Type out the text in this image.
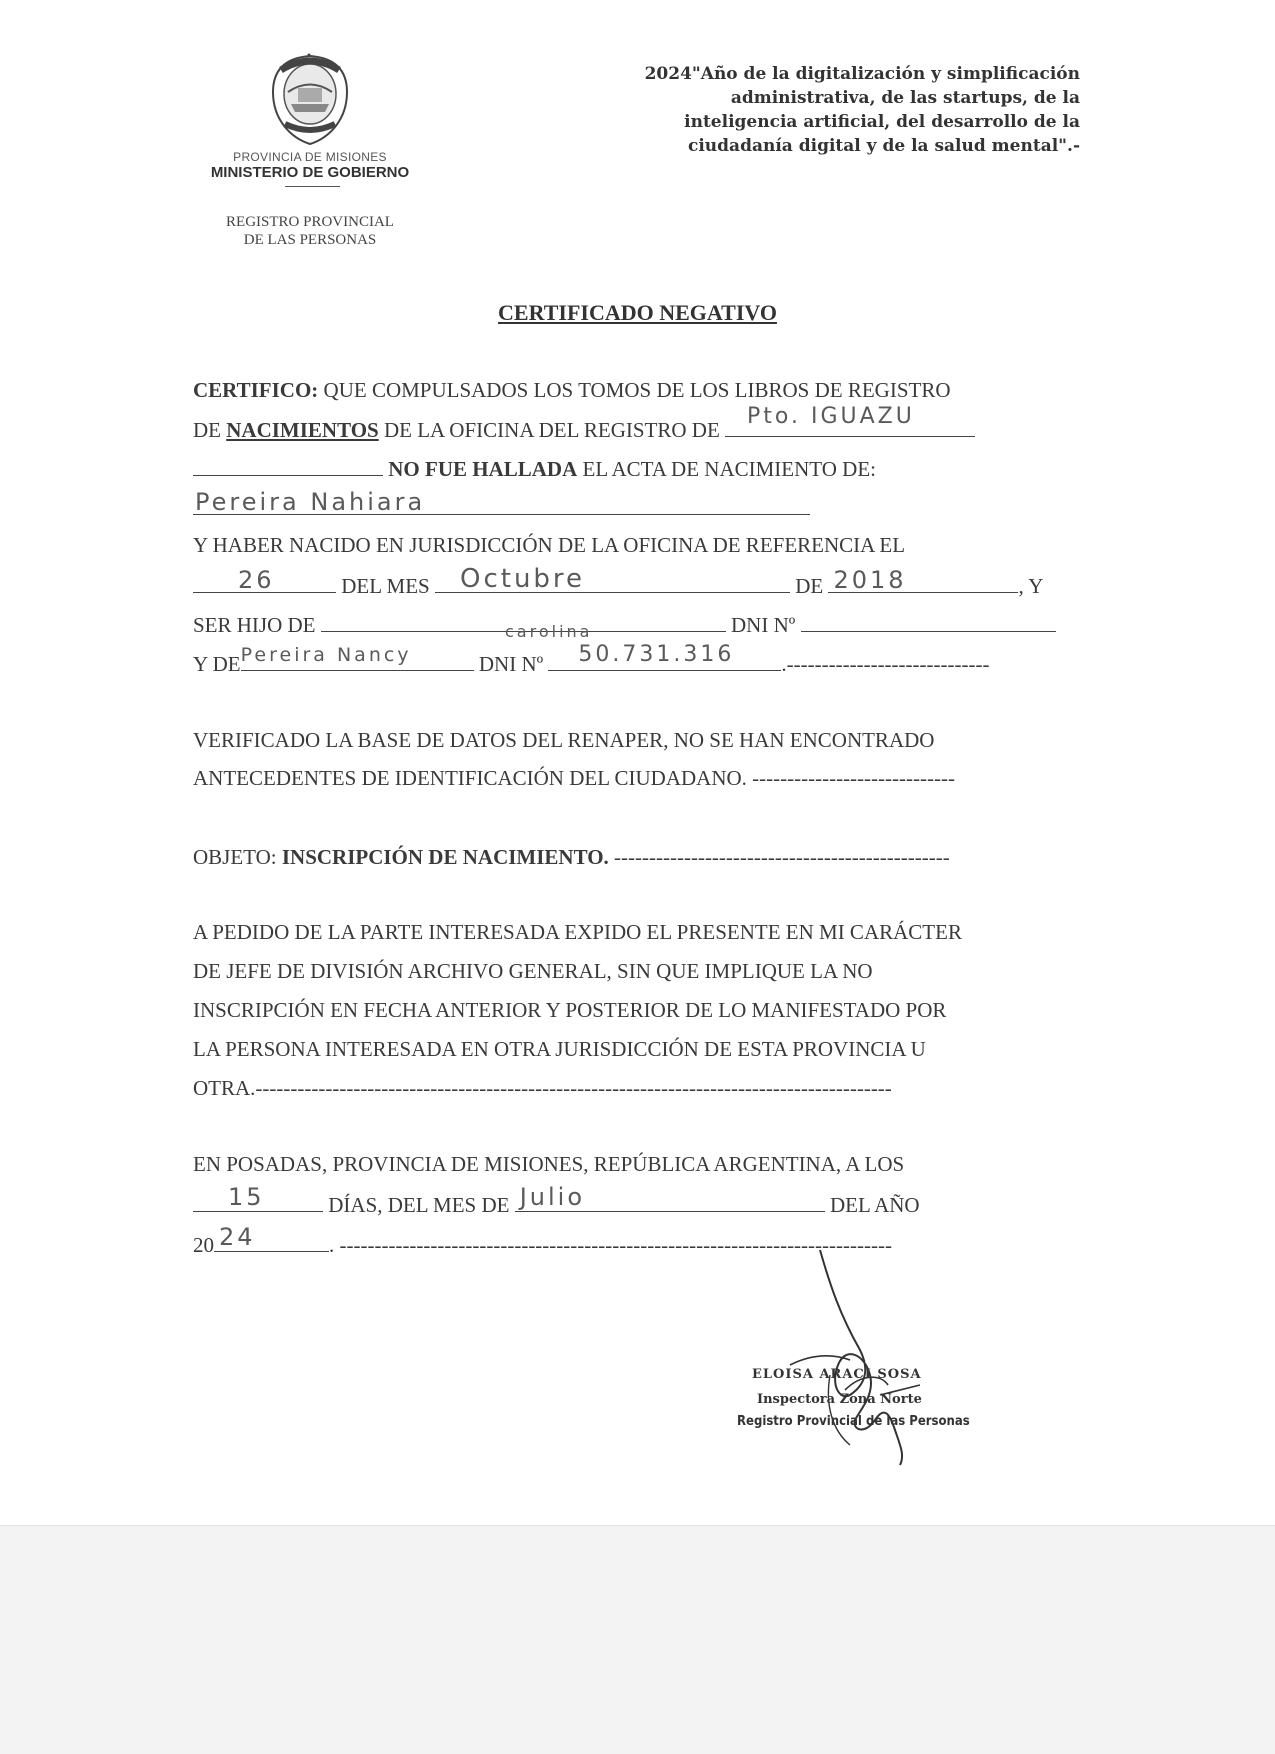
PROVINCIA DE MISIONES
MINISTERIO DE GOBIERNO
REGISTRO PROVINCIAL
DE LAS PERSONAS
2024"Año de la digitalización y simplificación
administrativa, de las startups, de la
inteligencia artificial, del desarrollo de la
ciudadanía digital y de la salud mental".-
CERTIFICADO NEGATIVO
CERTIFICO: QUE COMPULSADOS LOS TOMOS DE LOS LIBROS DE REGISTRO
DE NACIMIENTOS DE LA OFICINA DEL REGISTRO DE
Pto. IGUAZU
NO FUE HALLADA EL ACTA DE NACIMIENTO DE:
Pereira Nahiara
Y HABER NACIDO EN JURISDICCIÓN DE LA OFICINA DE REFERENCIA EL
26	DEL MES Octubre	DE 2018	, Y
SER HIJO DE	DNI Nº
carolina
Y DE Pereira Nancy	DNI Nº 50.731.316 .-----------------------------
VERIFICADO LA BASE DE DATOS DEL RENAPER, NO SE HAN ENCONTRADO
ANTECEDENTES DE IDENTIFICACIÓN DEL CIUDADANO. -----------------------------
OBJETO: INSCRIPCIÓN DE NACIMIENTO. ------------------------------------------------
A PEDIDO DE LA PARTE INTERESADA EXPIDO EL PRESENTE EN MI CARÁCTER
DE JEFE DE DIVISIÓN ARCHIVO GENERAL, SIN QUE IMPLIQUE LA NO
INSCRIPCIÓN EN FECHA ANTERIOR Y POSTERIOR DE LO MANIFESTADO POR
LA PERSONA INTERESADA EN OTRA JURISDICCIÓN DE ESTA PROVINCIA U
OTRA.-------------------------------------------------------------------------------------------
EN POSADAS, PROVINCIA DE MISIONES, REPÚBLICA ARGENTINA, A LOS
15	DÍAS, DEL MES DE Julio	DEL AÑO
20 24	. -------------------------------------------------------------------------------
ELOISA ARACI SOSA
Inspectora Zona Norte
Registro Provincial de las Personas
